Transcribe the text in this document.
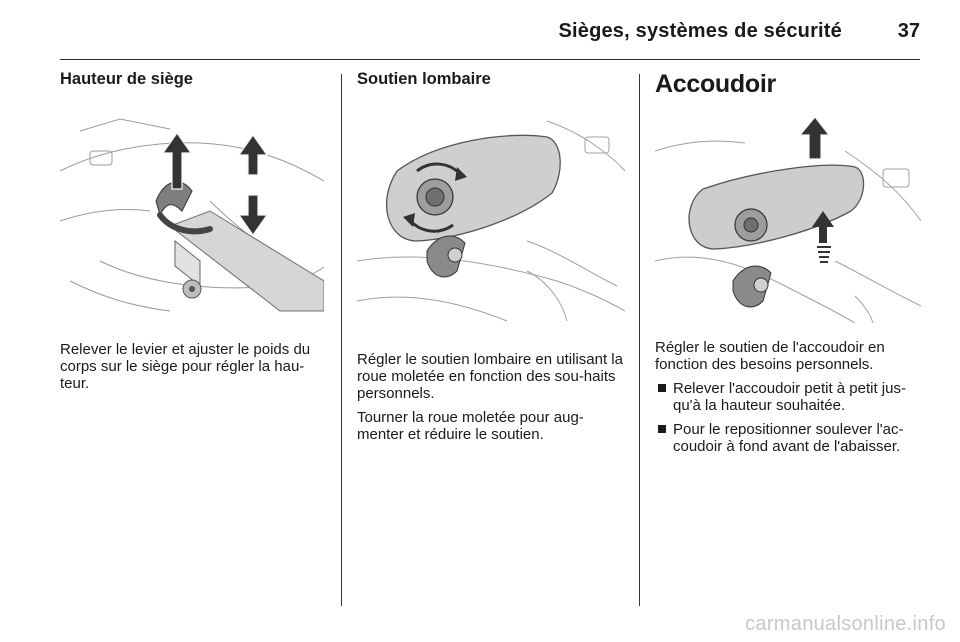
Sièges, systèmes de sécurité	37
Hauteur de siège

Relever le levier et ajuster le poids du corps sur le siège pour régler la hau-teur.

Soutien lombaire

Régler le soutien lombaire en utilisant la roue moletée en fonction des sou-haits personnels.

Tourner la roue moletée pour aug-menter et réduire le soutien.

Accoudoir

Régler le soutien de l'accoudoir en fonction des besoins personnels.

Relever l'accoudoir petit à petit jus-qu'à la hauteur souhaitée.
Pour le repositionner soulever l'ac-coudoir à fond avant de l'abaisser.
carmanualsonline.info
